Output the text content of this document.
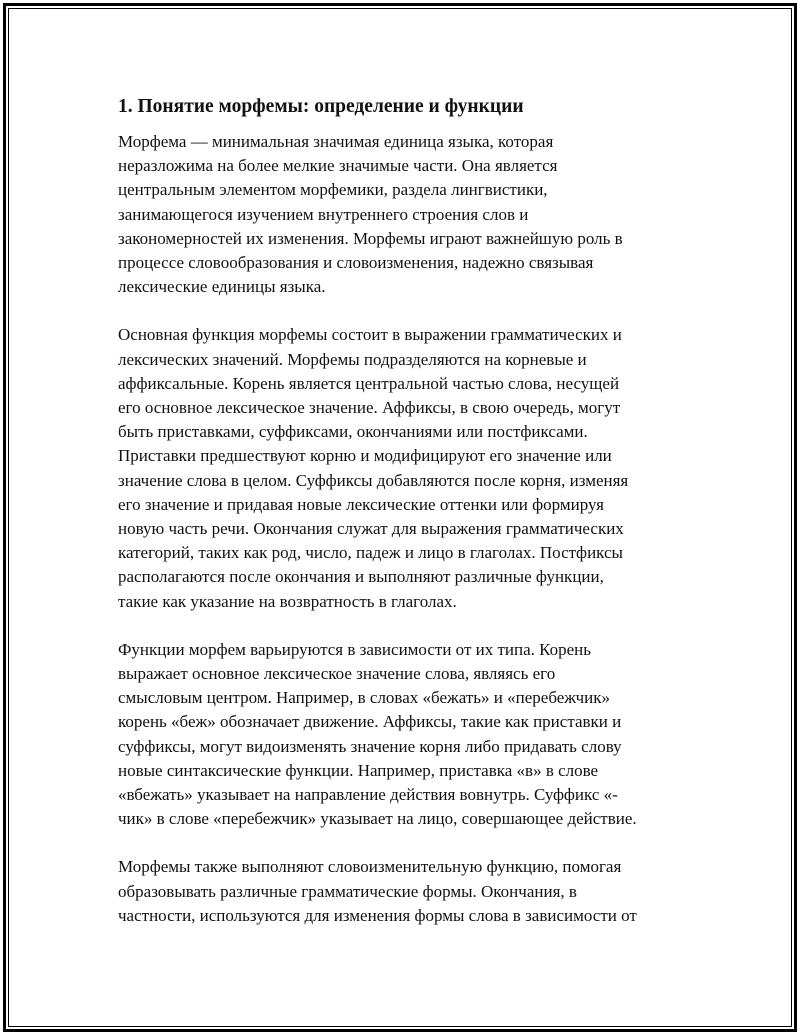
1. Понятие морфемы: определение и функции
Морфема — минимальная значимая единица языка, которая
неразложима на более мелкие значимые части. Она является
центральным элементом морфемики, раздела лингвистики,
занимающегося изучением внутреннего строения слов и
закономерностей их изменения. Морфемы играют важнейшую роль в
процессе словообразования и словоизменения, надежно связывая
лексические единицы языка.
Основная функция морфемы состоит в выражении грамматических и
лексических значений. Морфемы подразделяются на корневые и
аффиксальные. Корень является центральной частью слова, несущей
его основное лексическое значение. Аффиксы, в свою очередь, могут
быть приставками, суффиксами, окончаниями или постфиксами.
Приставки предшествуют корню и модифицируют его значение или
значение слова в целом. Суффиксы добавляются после корня, изменяя
его значение и придавая новые лексические оттенки или формируя
новую часть речи. Окончания служат для выражения грамматических
категорий, таких как род, число, падеж и лицо в глаголах. Постфиксы
располагаются после окончания и выполняют различные функции,
такие как указание на возвратность в глаголах.
Функции морфем варьируются в зависимости от их типа. Корень
выражает основное лексическое значение слова, являясь его
смысловым центром. Например, в словах «бежать» и «перебежчик»
корень «беж» обозначает движение. Аффиксы, такие как приставки и
суффиксы, могут видоизменять значение корня либо придавать слову
новые синтаксические функции. Например, приставка «в» в слове
«вбежать» указывает на направление действия вовнутрь. Суффикс «-
чик» в слове «перебежчик» указывает на лицо, совершающее действие.
Морфемы также выполняют словоизменительную функцию, помогая
образовывать различные грамматические формы. Окончания, в
частности, используются для изменения формы слова в зависимости от
